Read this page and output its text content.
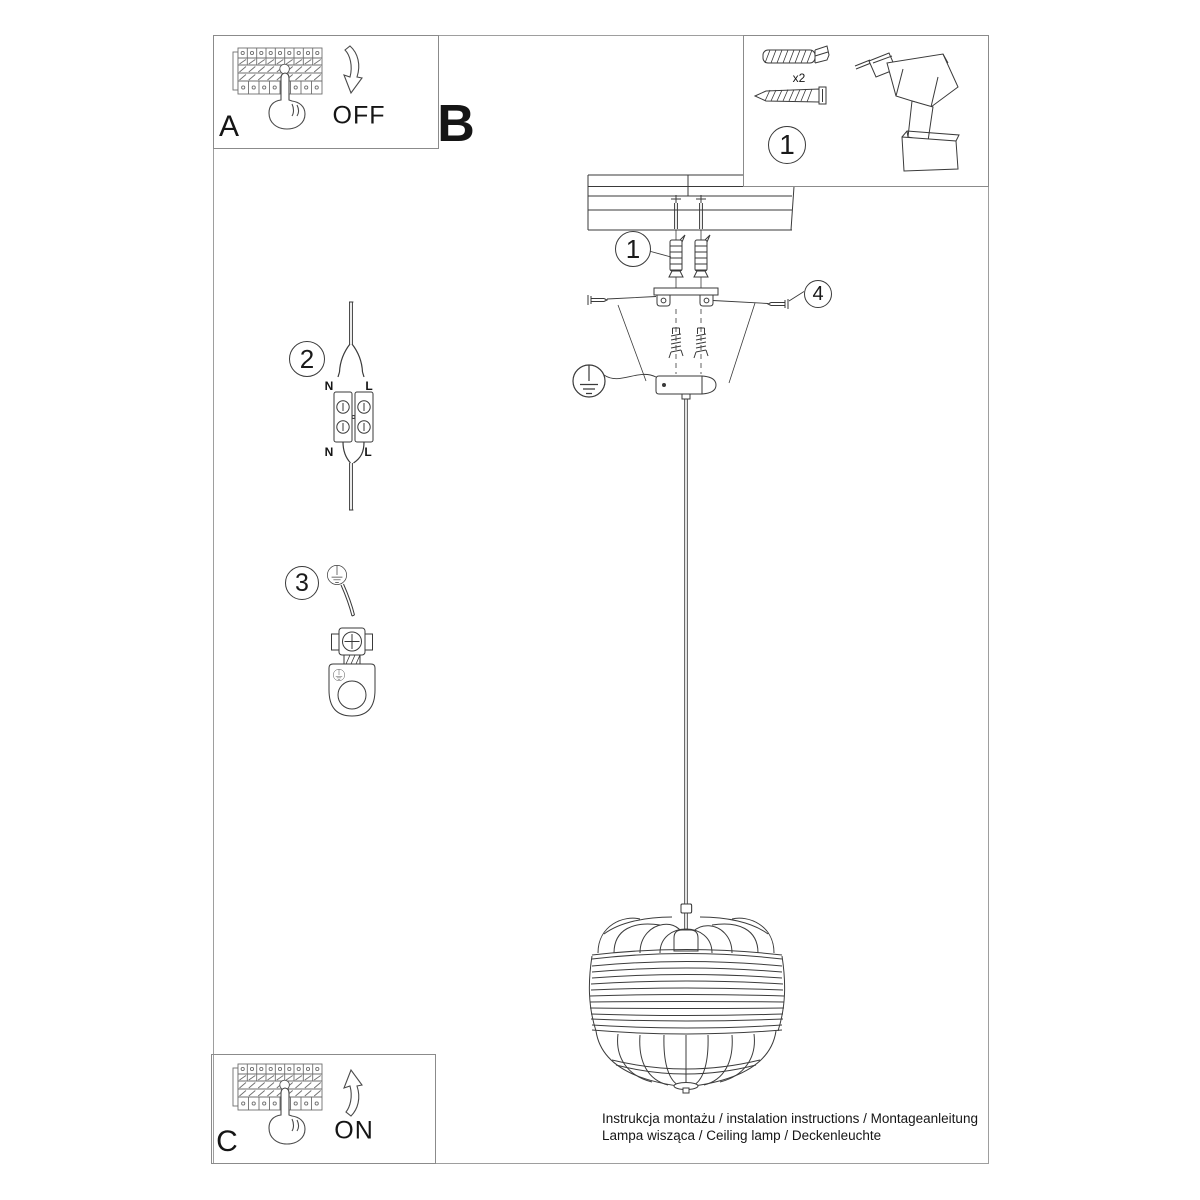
A	OFF B
C	ON
x2
N	L
N	L
1
1
4
2
3
Instrukcja montażu / instalation instructions / Montageanleitung
Lampa wisząca / Ceiling lamp / Deckenleuchte
